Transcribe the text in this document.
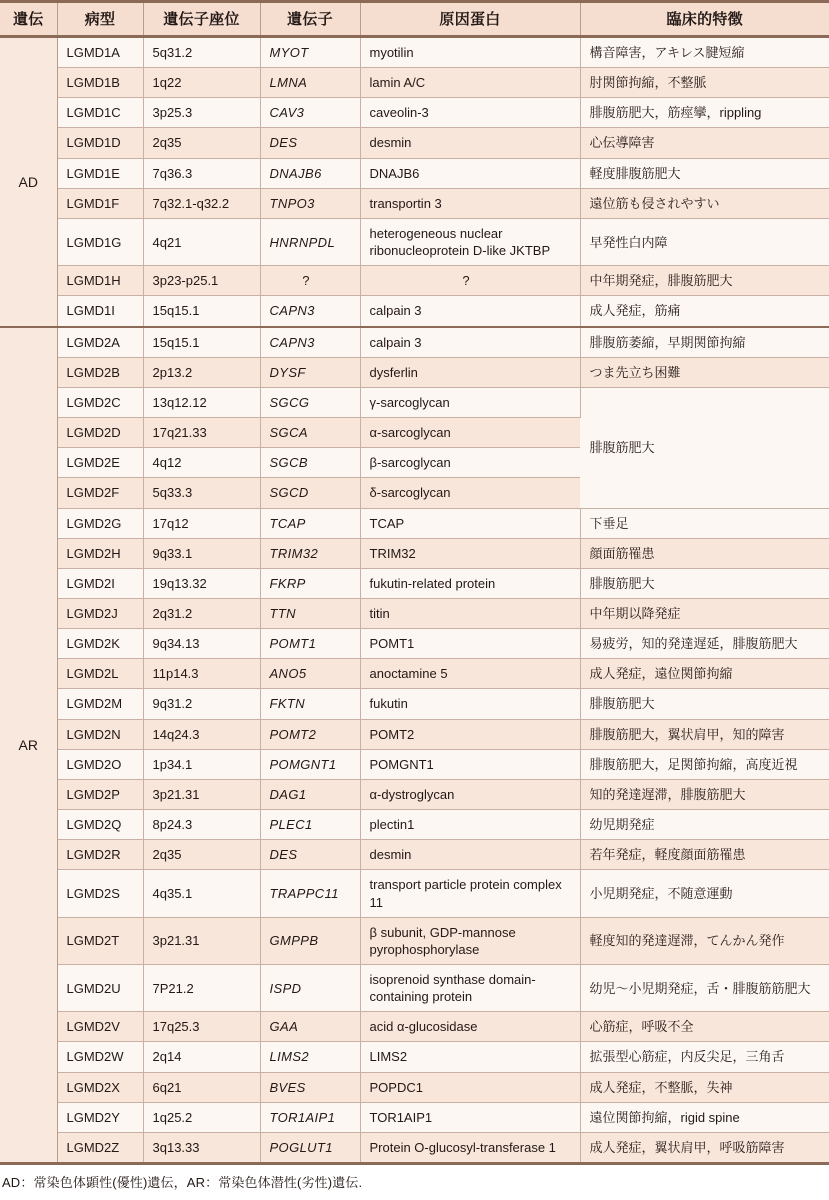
遺伝	病型	遺伝子座位	遺伝子	原因蛋白	臨床的特徴
AD	LGMD1A	5q31.2	MYOT	myotilin	構音障害，アキレス腱短縮
	LGMD1B	1q22	LMNA	lamin A/C	肘関節拘縮，不整脈
	LGMD1C	3p25.3	CAV3	caveolin-3	腓腹筋肥大，筋痙攣，rippling
	LGMD1D	2q35	DES	desmin	心伝導障害
	LGMD1E	7q36.3	DNAJB6	DNAJB6	軽度腓腹筋肥大
	LGMD1F	7q32.1-q32.2	TNPO3	transportin 3	遠位筋も侵されやすい
	LGMD1G	4q21	HNRNPDL	heterogeneous nuclear ribonucleoprotein D-like JKTBP	早発性白内障
	LGMD1H	3p23-p25.1	?	?	中年期発症，腓腹筋肥大
	LGMD1I	15q15.1	CAPN3	calpain 3	成人発症，筋痛
AR	LGMD2A	15q15.1	CAPN3	calpain 3	腓腹筋萎縮，早期関節拘縮
	LGMD2B	2p13.2	DYSF	dysferlin	つま先立ち困難
	LGMD2C	13q12.12	SGCG	γ-sarcoglycan	腓腹筋肥大
	LGMD2D	17q21.33	SGCA	α-sarcoglycan	
	LGMD2E	4q12	SGCB	β-sarcoglycan	
	LGMD2F	5q33.3	SGCD	δ-sarcoglycan	
	LGMD2G	17q12	TCAP	TCAP	下垂足
	LGMD2H	9q33.1	TRIM32	TRIM32	顔面筋罹患
	LGMD2I	19q13.32	FKRP	fukutin-related protein	腓腹筋肥大
	LGMD2J	2q31.2	TTN	titin	中年期以降発症
	LGMD2K	9q34.13	POMT1	POMT1	易疲労，知的発達遅延，腓腹筋肥大
	LGMD2L	11p14.3	ANO5	anoctamine 5	成人発症，遠位関節拘縮
	LGMD2M	9q31.2	FKTN	fukutin	腓腹筋肥大
	LGMD2N	14q24.3	POMT2	POMT2	腓腹筋肥大，翼状肩甲，知的障害
	LGMD2O	1p34.1	POMGNT1	POMGNT1	腓腹筋肥大，足関節拘縮，高度近視
	LGMD2P	3p21.31	DAG1	α-dystroglycan	知的発達遅滞，腓腹筋肥大
	LGMD2Q	8p24.3	PLEC1	plectin1	幼児期発症
	LGMD2R	2q35	DES	desmin	若年発症，軽度顔面筋罹患
	LGMD2S	4q35.1	TRAPPC11	transport particle protein complex 11	小児期発症，不随意運動
	LGMD2T	3p21.31	GMPPB	β subunit, GDP-mannose pyrophosphorylase	軽度知的発達遅滞，てんかん発作
	LGMD2U	7P21.2	ISPD	isoprenoid synthase domain-containing protein	幼児～小児期発症，舌・腓腹筋筋肥大
	LGMD2V	17q25.3	GAA	acid α-glucosidase	心筋症，呼吸不全
	LGMD2W	2q14	LIMS2	LIMS2	拡張型心筋症，内反尖足，三角舌
	LGMD2X	6q21	BVES	POPDC1	成人発症，不整脈，失神
	LGMD2Y	1q25.2	TOR1AIP1	TOR1AIP1	遠位関節拘縮，rigid spine
	LGMD2Z	3q13.33	POGLUT1	Protein O-glucosyl-transferase 1	成人発症，翼状肩甲，呼吸筋障害
AD：常染色体顕性(優性)遺伝，AR：常染色体潜性(劣性)遺伝.
